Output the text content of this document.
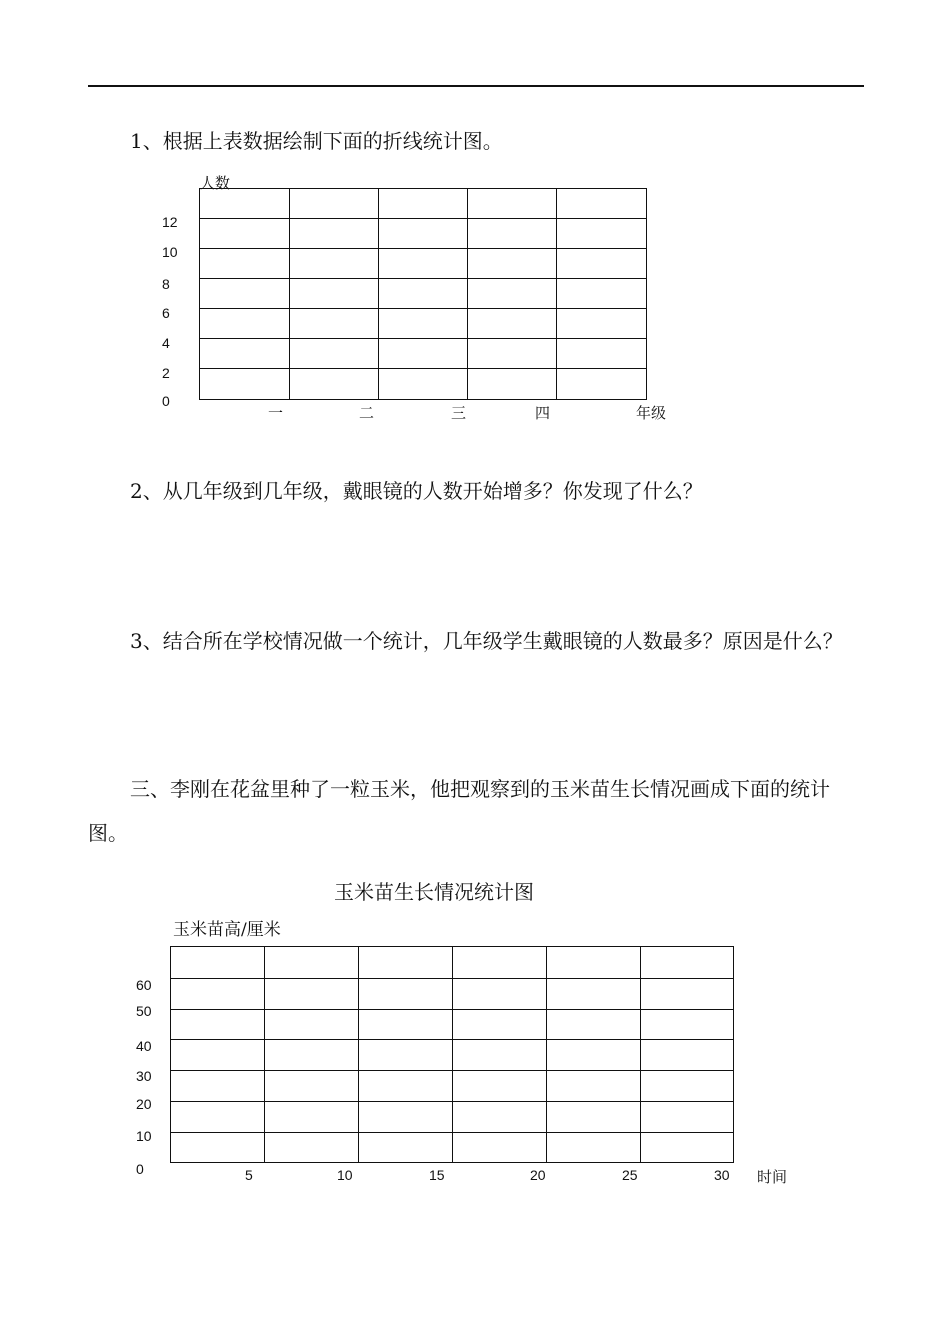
1、根据上表数据绘制下面的折线统计图。

人数
12
10
8
6
4
2
0
一	二	三	四	年级

2、从几年级到几年级，戴眼镜的人数开始增多？你发现了什么？

3、结合所在学校情况做一个统计，几年级学生戴眼镜的人数最多？原因是什么？

三、李刚在花盆里种了一粒玉米，他把观察到的玉米苗生长情况画成下面的统计图。

玉米苗生长情况统计图
玉米苗高/厘米
60
50
40
30
20
10
0	5	10	15	20	25	30 时间
